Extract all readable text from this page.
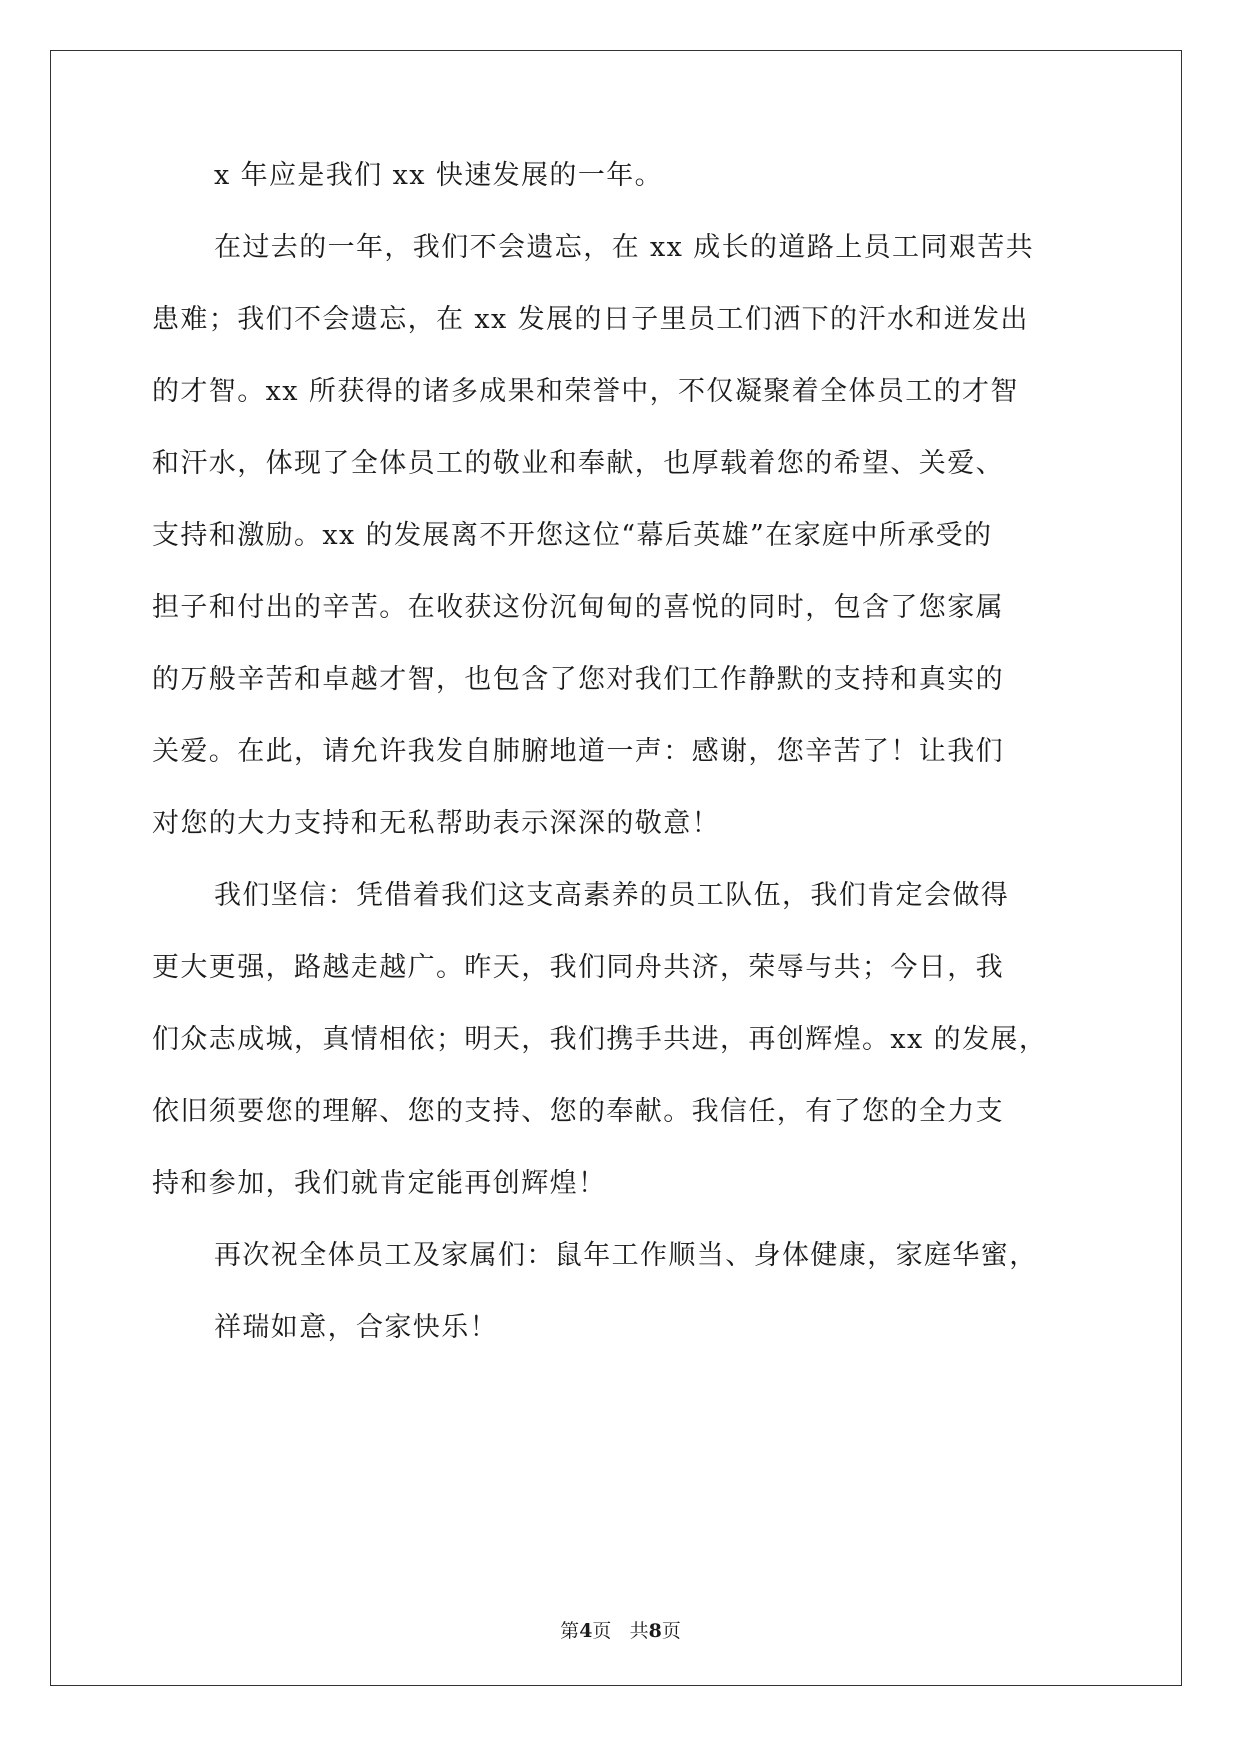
x 年应是我们 xx 快速发展的一年。
在过去的一年，我们不会遗忘，在 xx 成长的道路上员工同艰苦共
患难；我们不会遗忘，在 xx 发展的日子里员工们洒下的汗水和迸发出
的才智。xx 所获得的诸多成果和荣誉中，不仅凝聚着全体员工的才智
和汗水，体现了全体员工的敬业和奉献，也厚载着您的希望、关爱、
支持和激励。xx 的发展离不开您这位“幕后英雄”在家庭中所承受的
担子和付出的辛苦。在收获这份沉甸甸的喜悦的同时，包含了您家属
的万般辛苦和卓越才智，也包含了您对我们工作静默的支持和真实的
关爱。在此，请允许我发自肺腑地道一声：感谢，您辛苦了！让我们
对您的大力支持和无私帮助表示深深的敬意！
我们坚信：凭借着我们这支高素养的员工队伍，我们肯定会做得
更大更强，路越走越广。昨天，我们同舟共济，荣辱与共；今日，我
们众志成城，真情相依；明天，我们携手共进，再创辉煌。xx 的发展，
依旧须要您的理解、您的支持、您的奉献。我信任，有了您的全力支
持和参加，我们就肯定能再创辉煌！
再次祝全体员工及家属们：鼠年工作顺当、身体健康，家庭华蜜，
祥瑞如意，合家快乐！
第4页 共8页
